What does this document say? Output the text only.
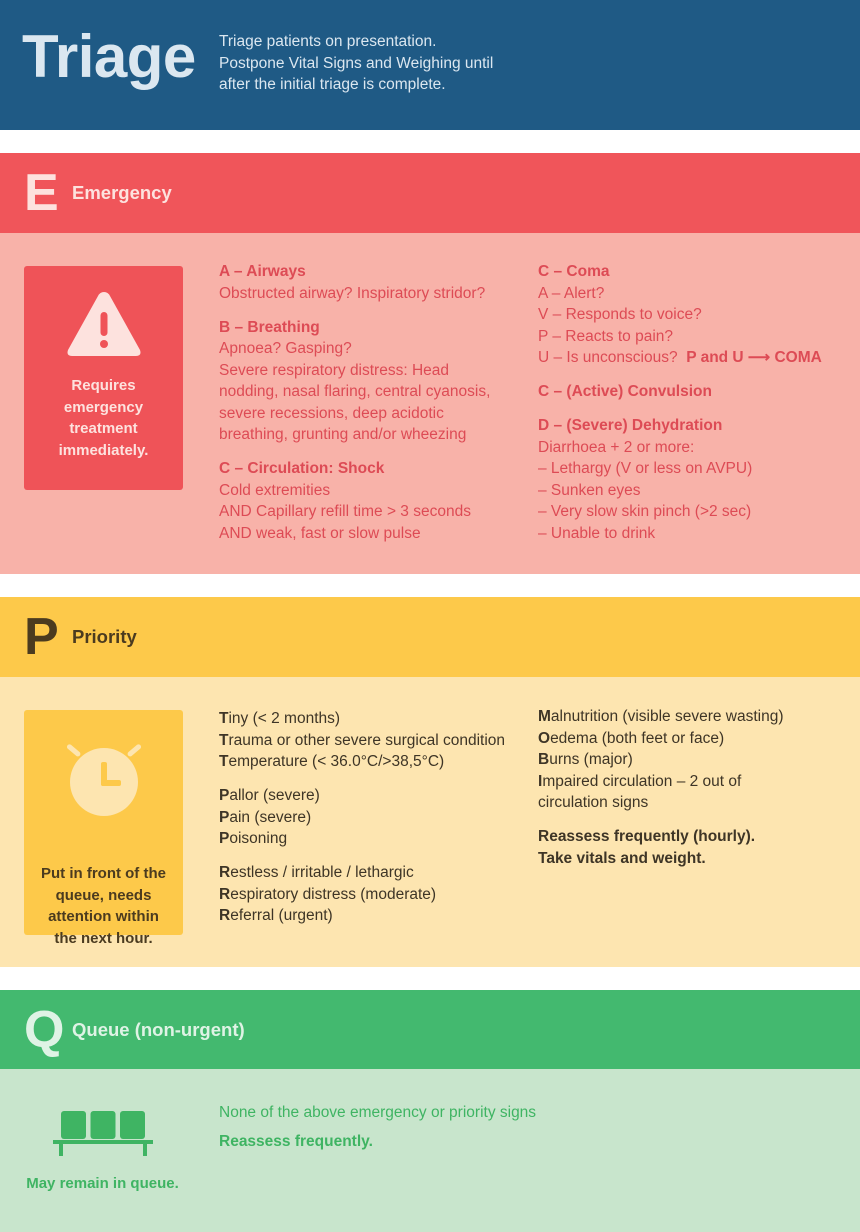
Triage Triage patients on presentation.
Postpone Vital Signs and Weighing until
after the initial triage is complete.
E Emergency
Requires
emergency
treatment
immediately.
A – Airways
Obstructed airway? Inspiratory stridor?
B – Breathing
Apnoea? Gasping?
Severe respiratory distress: Head
nodding, nasal flaring, central cyanosis,
severe recessions, deep acidotic
breathing, grunting and/or wheezing
C – Circulation: Shock
Cold extremities
AND Capillary refill time > 3 seconds
AND weak, fast or slow pulse
C – Coma
A – Alert?
V – Responds to voice?
P – Reacts to pain?
U – Is unconscious? P and U ⟶ COMA
C – (Active) Convulsion
D – (Severe) Dehydration
Diarrhoea + 2 or more:
– Lethargy (V or less on AVPU)
– Sunken eyes
– Very slow skin pinch (>2 sec)
– Unable to drink
P Priority
Put in front of the
queue, needs
attention within
the next hour.
Tiny (< 2 months)
Trauma or other severe surgical condition
Temperature (< 36.0°C/>38,5°C)
Pallor (severe)
Pain (severe)
Poisoning
Restless / irritable / lethargic
Respiratory distress (moderate)
Referral (urgent)
Malnutrition (visible severe wasting)
Oedema (both feet or face)
Burns (major)
Impaired circulation – 2 out of
circulation signs
Reassess frequently (hourly).
Take vitals and weight.
Q Queue (non-urgent)
May remain in queue.
None of the above emergency or priority signs
Reassess frequently.
